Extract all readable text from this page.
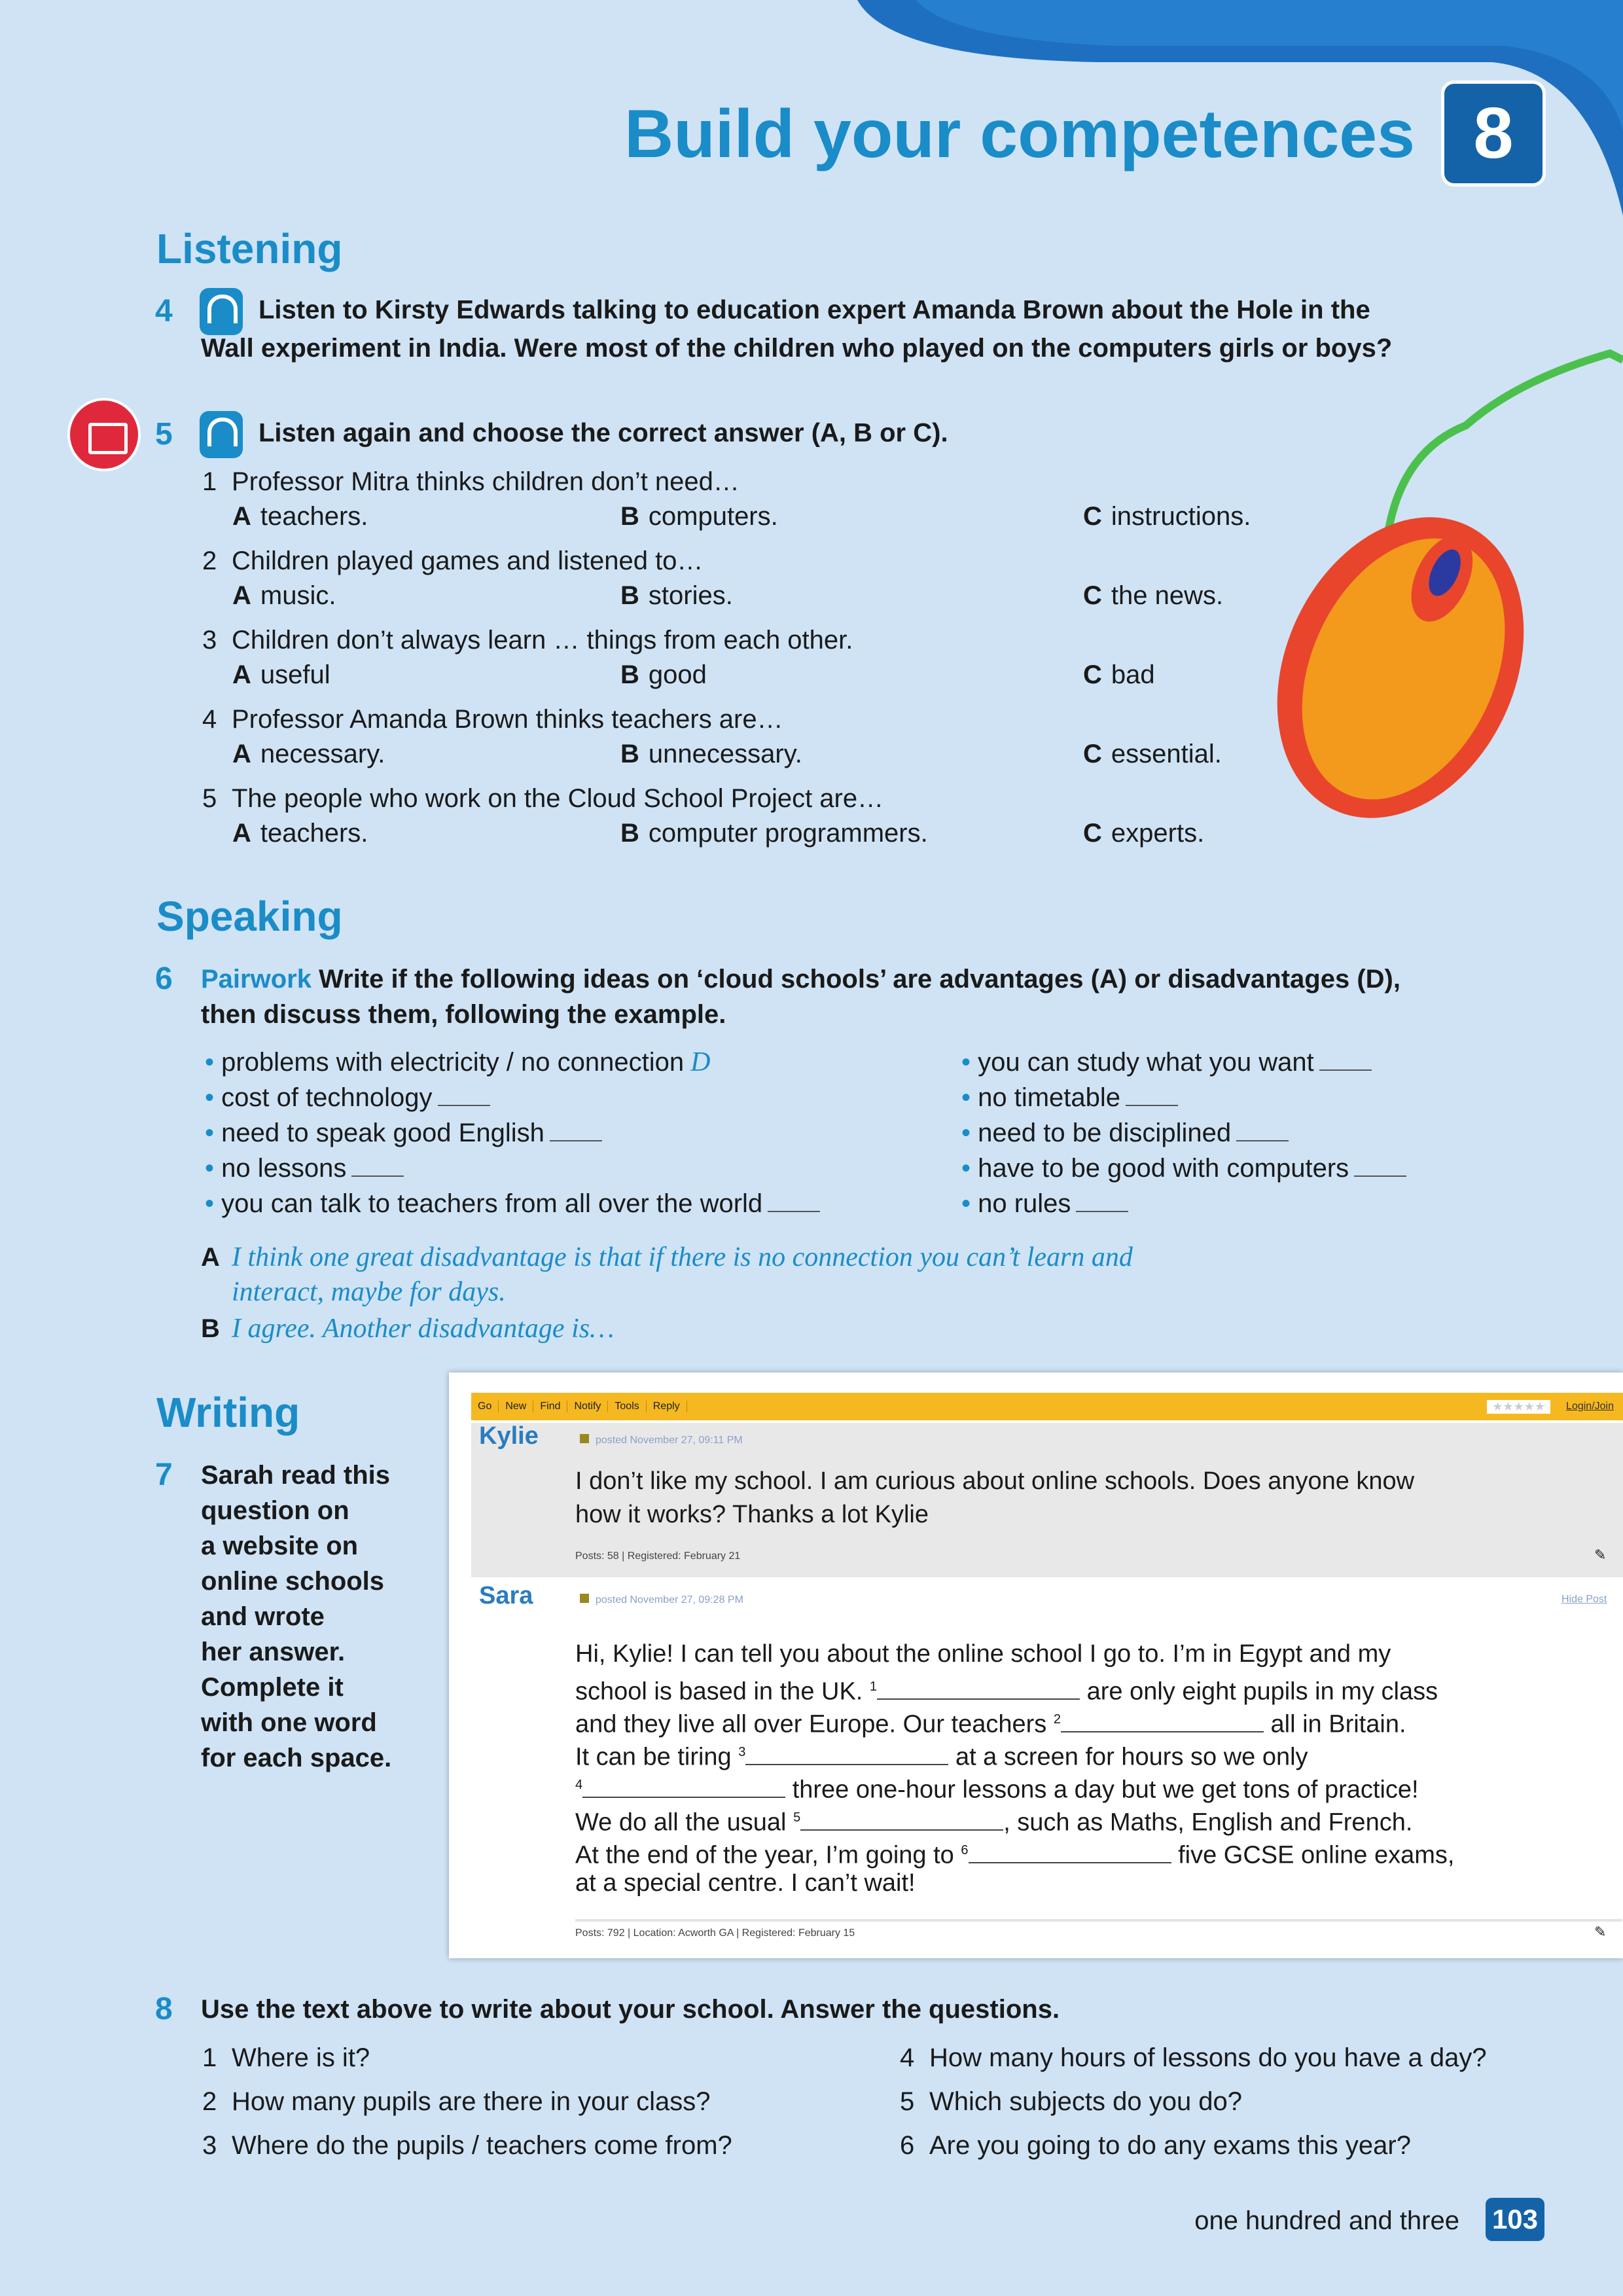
Build your competences 8
Listening
4	Listen to Kirsty Edwards talking to education expert Amanda Brown about the Hole in the
Wall experiment in India. Were most of the children who played on the computers girls or boys?
5	Listen again and choose the correct answer (A, B or C).
1 Professor Mitra thinks children don’t need…
A teachers.	B computers.	C instructions.
2 Children played games and listened to…
A music.	B stories.	C the news.
3 Children don’t always learn … things from each other.
A useful	B good	C bad
4 Professor Amanda Brown thinks teachers are…
A necessary.	B unnecessary.	C essential.
5 The people who work on the Cloud School Project are…
A teachers.	B computer programmers.	C experts.
Speaking
6 Pairwork Write if the following ideas on ‘cloud schools’ are advantages (A) or disadvantages (D),
then discuss them, following the example.
• problems with electricity / no connection D
• cost of technology
• need to speak good English
• no lessons
• you can talk to teachers from all over the world
• you can study what you want
• no timetable
• need to be disciplined
• have to be good with computers
• no rules
A I think one great disadvantage is that if there is no connection you can’t learn and
interact, maybe for days.
B I agree. Another disadvantage is…
Writing
7 Sarah read this
question on
a website on
online schools
and wrote
her answer.
Complete it
with one word
for each space.
Go	New	Find	Notify	Tools	Reply	★★★★★	Login/Join
Kylie	posted November 27, 09:11 PM
I don’t like my school. I am curious about online schools. Does anyone know
how it works? Thanks a lot Kylie
Posts: 58 | Registered: February 21	✎
Sara	posted November 27, 09:28 PM	Hide Post
Hi, Kylie! I can tell you about the online school I go to. I’m in Egypt and my
school is based in the UK. $^1$	are only eight pupils in my class
and they live all over Europe. Our teachers $^2$	all in Britain.
It can be tiring $^3$	at a screen for hours so we only
$^4$	three one-hour lessons a day but we get tons of practice!
We do all the usual $^5$	, such as Maths, English and French.
At the end of the year, I’m going to $^6$	five GCSE online exams,
at a special centre. I can’t wait!
Posts: 792 | Location: Acworth GA | Registered: February 15	✎
8 Use the text above to write about your school. Answer the questions.
1 Where is it?
2 How many pupils are there in your class?
3 Where do the pupils / teachers come from?
4 How many hours of lessons do you have a day?
5 Which subjects do you do?
6 Are you going to do any exams this year?
one hundred and three 103
